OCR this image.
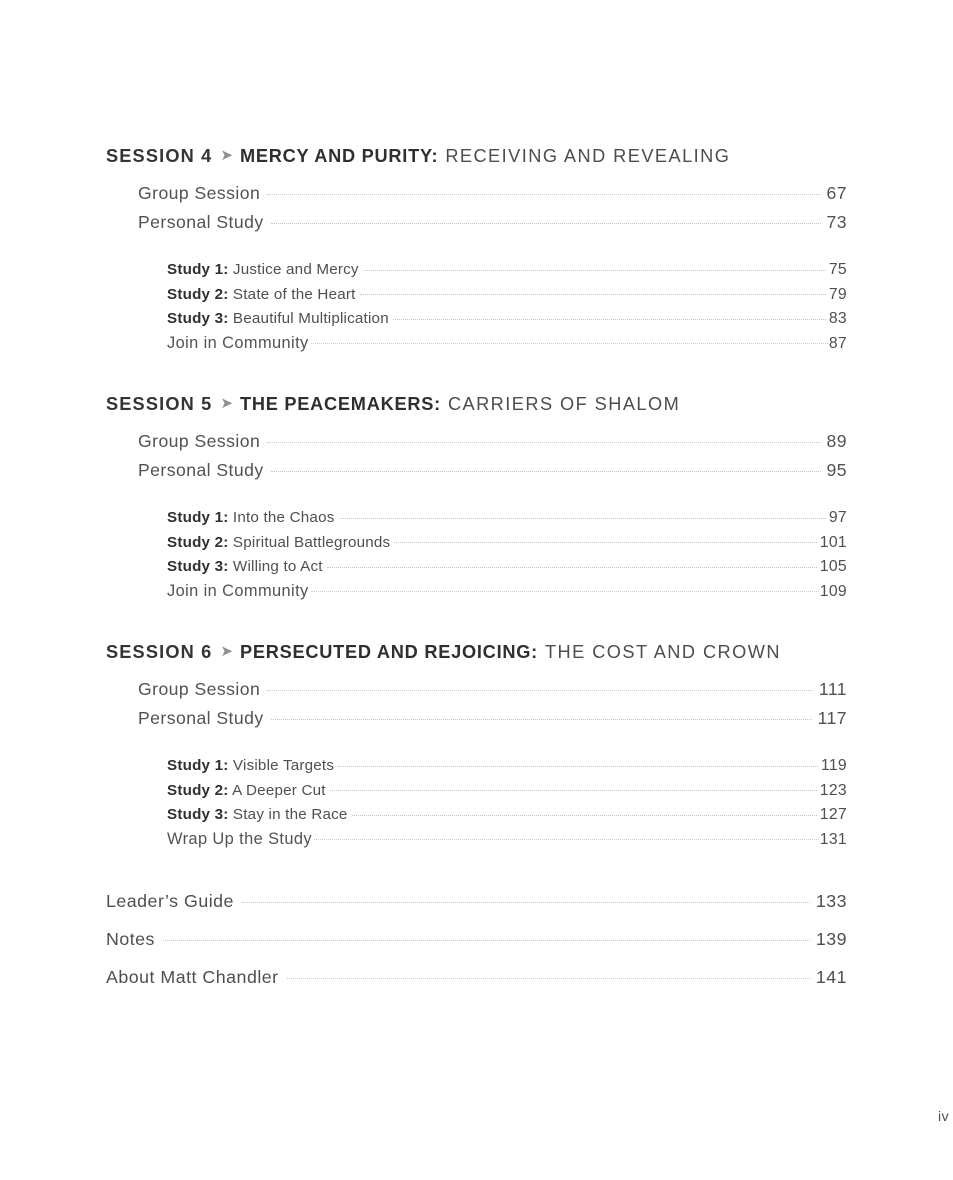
SESSION 4 ➤ MERCY AND PURITY: RECEIVING AND REVEALING
Group Session	67
Personal Study	73
Study 1: Justice and Mercy	75
Study 2: State of the Heart	79
Study 3: Beautiful Multiplication	83
Join in Community	87
SESSION 5 ➤ THE PEACEMAKERS: CARRIERS OF SHALOM
Group Session	89
Personal Study	95
Study 1: Into the Chaos	97
Study 2: Spiritual Battlegrounds	101
Study 3: Willing to Act	105
Join in Community	109
SESSION 6 ➤ PERSECUTED AND REJOICING: THE COST AND CROWN
Group Session	111
Personal Study	117
Study 1: Visible Targets	119
Study 2: A Deeper Cut	123
Study 3: Stay in the Race	127
Wrap Up the Study	131
Leader’s Guide	133
Notes	139
About Matt Chandler	141
iv
